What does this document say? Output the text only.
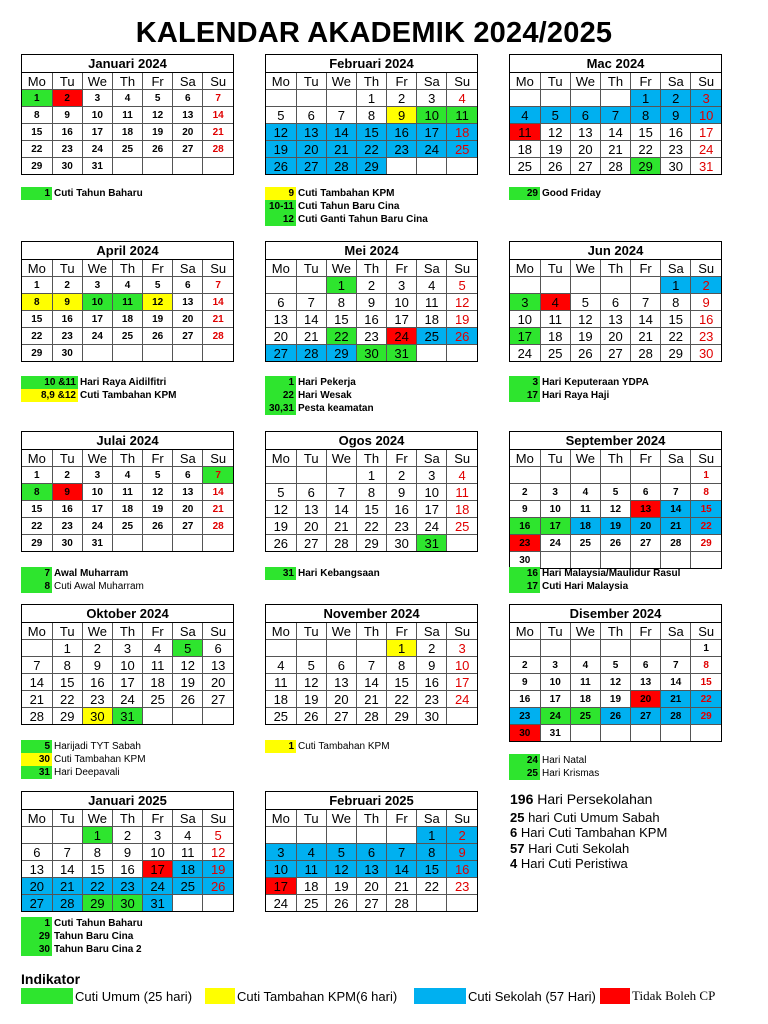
KALENDAR AKADEMIK 2024/2025
Januari 2024
Mo	Tu	We	Th	Fr	Sa	Su
1	2	3	4	5	6	7
8	9	10	11	12	13	14
15	16	17	18	19	20	21
22	23	24	25	26	27	28
29	30	31				
Februari 2024
Mo	Tu	We	Th	Fr	Sa	Su
			1	2	3	4
5	6	7	8	9	10	11
12	13	14	15	16	17	18
19	20	21	22	23	24	25
26	27	28	29			
Mac 2024
Mo	Tu	We	Th	Fr	Sa	Su
				1	2	3
4	5	6	7	8	9	10
11	12	13	14	15	16	17
18	19	20	21	22	23	24
25	26	27	28	29	30	31
April 2024
Mo	Tu	We	Th	Fr	Sa	Su
1	2	3	4	5	6	7
8	9	10	11	12	13	14
15	16	17	18	19	20	21
22	23	24	25	26	27	28
29	30					
Mei 2024
Mo	Tu	We	Th	Fr	Sa	Su
		1	2	3	4	5
6	7	8	9	10	11	12
13	14	15	16	17	18	19
20	21	22	23	24	25	26
27	28	29	30	31		
Jun 2024
Mo	Tu	We	Th	Fr	Sa	Su
					1	2
3	4	5	6	7	8	9
10	11	12	13	14	15	16
17	18	19	20	21	22	23
24	25	26	27	28	29	30
Julai 2024
Mo	Tu	We	Th	Fr	Sa	Su
1	2	3	4	5	6	7
8	9	10	11	12	13	14
15	16	17	18	19	20	21
22	23	24	25	26	27	28
29	30	31				
Ogos 2024
Mo	Tu	We	Th	Fr	Sa	Su
			1	2	3	4
5	6	7	8	9	10	11
12	13	14	15	16	17	18
19	20	21	22	23	24	25
26	27	28	29	30	31	
September 2024
Mo	Tu	We	Th	Fr	Sa	Su
						1
2	3	4	5	6	7	8
9	10	11	12	13	14	15
16	17	18	19	20	21	22
23	24	25	26	27	28	29
30						
Oktober 2024
Mo	Tu	We	Th	Fr	Sa	Su
	1	2	3	4	5	6
7	8	9	10	11	12	13
14	15	16	17	18	19	20
21	22	23	24	25	26	27
28	29	30	31			
November 2024
Mo	Tu	We	Th	Fr	Sa	Su
				1	2	3
4	5	6	7	8	9	10
11	12	13	14	15	16	17
18	19	20	21	22	23	24
25	26	27	28	29	30	
Disember 2024
Mo	Tu	We	Th	Fr	Sa	Su
						1
2	3	4	5	6	7	8
9	10	11	12	13	14	15
16	17	18	19	20	21	22
23	24	25	26	27	28	29
30	31					
Januari 2025
Mo	Tu	We	Th	Fr	Sa	Su
		1	2	3	4	5
6	7	8	9	10	11	12
13	14	15	16	17	18	19
20	21	22	23	24	25	26
27	28	29	30	31		
Februari 2025
Mo	Tu	We	Th	Fr	Sa	Su
					1	2
3	4	5	6	7	8	9
10	11	12	13	14	15	16
17	18	19	20	21	22	23
24	25	26	27	28		
1 Cuti Tahun Baharu	9 Cuti Tambahan KPM
10-11 Cuti Tahun Baru Cina
12 Cuti Ganti Tahun Baru Cina
29 Good Friday
10 &11 Hari Raya Aidilfitri
8,9 &12 Cuti Tambahan KPM
1 Hari Pekerja
22 Hari Wesak
30,31 Pesta keamatan
3 Hari Keputeraan YDPA
17 Hari Raya Haji
7 Awal Muharram
8 Cuti Awal Muharram
31 Hari Kebangsaan	16 Hari Malaysia/Maulidur Rasul
17 Cuti Hari Malaysia
5 Harijadi TYT Sabah
30 Cuti Tambahan KPM
31 Hari Deepavali
1 Cuti Tambahan KPM
24 Hari Natal
25 Hari Krismas
1 Cuti Tahun Baharu
29 Tahun Baru Cina
30 Tahun Baru Cina 2
196 Hari Persekolahan
25 hari Cuti Umum Sabah
6 Hari Cuti Tambahan KPM
57 Hari Cuti Sekolah
4 Hari Cuti Peristiwa
Indikator
Cuti Umum (25 hari)	Cuti Tambahan KPM(6 hari)	Cuti Sekolah (57 Hari)	Tidak Boleh CP
